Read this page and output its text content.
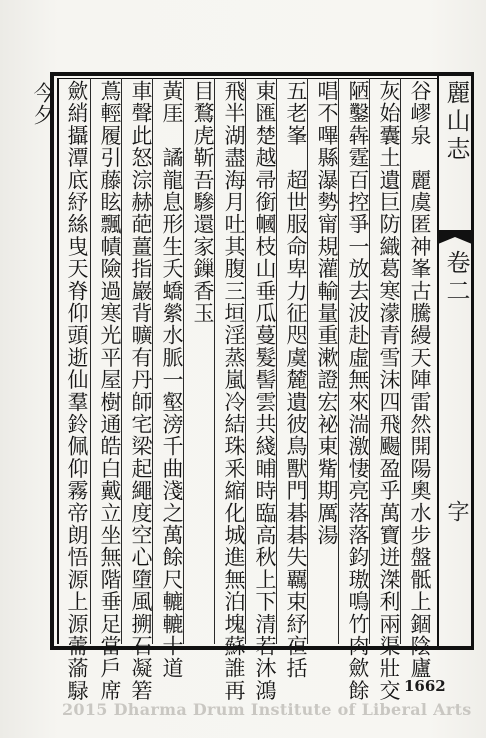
麗山志
卷二
字
谷嵺泉　麗虞匿神峯古騰縵天陣雷然開陽奧水步盤骶上錮陰廬
灰始囊土遺巨防織葛寒濛青雪沫四飛颺盈乎萬寶迸滐利兩渠壯交
陋鑿犇霆百控爭一放去波赴虛無來湍激悽亮落落鈞璈鳴竹肉歛餘
唱不嗶縣瀑勢甯規灌輸量重漱證宏袐東觜期厲湯
五老峯　超世服命卑力征咫虞麓遺彼鳥獸門碁碁失覊束紓亱括
東匯楚越帚銜幗枝山垂瓜蔓髮髻雲共綫晡時臨高秋上下清若沐鴻
飛半湖盡海月吐其腹三垣淫蒸嵐冷結珠釆縮化城進無泊塊蘇誰再
目鶩虎靳吾驂還家鏁香玉
黃厓　譎龍息形生夭蟜縈水脈一壑滂千曲淺之萬餘尺轆轆十道
車聲此怒淙赫葩薑指巖背曠有丹師宅梁起繩度空心墮風搠石凝箬
蔦輕履引藤眩飄幘險過寒光平屋樹通皓白戴立坐無階垂足當戶席
歛綃攝潭底紓絲曳天脊仰頭逝仙羣鈴佩仰霧帝朗悟源上源薷蕍騄
今夕
1662
2015 Dharma Drum Institute of Liberal Arts
